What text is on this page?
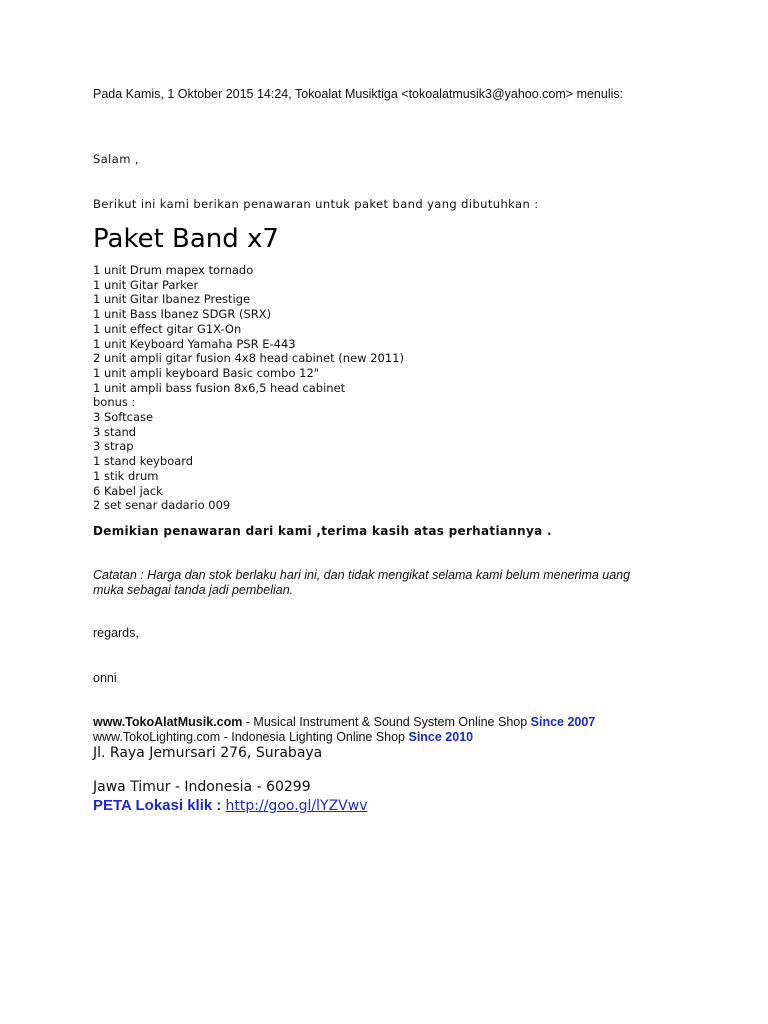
Pada Kamis, 1 Oktober 2015 14:24, Tokoalat Musiktiga <tokoalatmusik3@yahoo.com> menulis:

Salam ,

Berikut ini kami berikan penawaran untuk paket band yang dibutuhkan :

Paket Band x7
1 unit Drum mapex tornado
1 unit Gitar Parker
1 unit Gitar Ibanez Prestige
1 unit Bass Ibanez SDGR (SRX)
1 unit effect gitar G1X-On
1 unit Keyboard Yamaha PSR E-443
2 unit ampli gitar fusion 4x8 head cabinet (new 2011)
1 unit ampli keyboard Basic combo 12"
1 unit ampli bass fusion 8x6,5 head cabinet
bonus :
3 Softcase
3 stand
3 strap
1 stand keyboard
1 stik drum
6 Kabel jack
2 set senar dadario 009

Demikian penawaran dari kami ,terima kasih atas perhatiannya .

Catatan : Harga dan stok berlaku hari ini, dan tidak mengikat selama kami belum menerima uang
muka sebagai tanda jadi pembelian.

regards,

onni

www.TokoAlatMusik.com - Musical Instrument & Sound System Online Shop Since 2007

www.TokoLighting.com - Indonesia Lighting Online Shop Since 2010

Jl. Raya Jemursari 276, Surabaya

Jawa Timur - Indonesia - 60299

PETA Lokasi klik : http://goo.gl/lYZVwv
